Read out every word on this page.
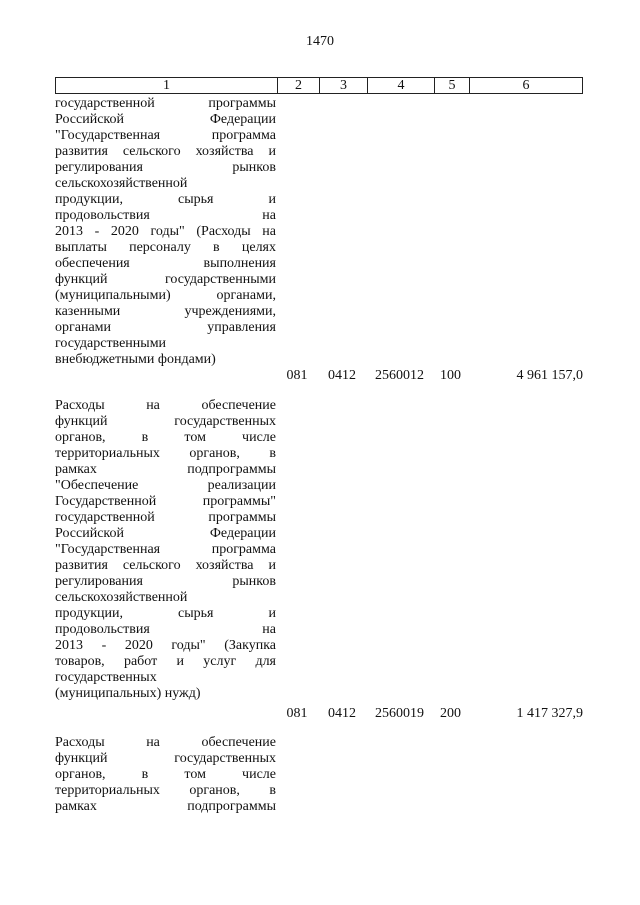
1470
1	2	3	4	5	6
государственной программы
Российской Федерации
"Государственная программа
развития сельского хозяйства и
регулирования рынков
сельскохозяйственной
продукции, сырья и
продовольствия на
2013 - 2020 годы" (Расходы на
выплаты персоналу в целях
обеспечения выполнения
функций государственными
(муниципальными) органами,
казенными учреждениями,
органами управления
государственными
внебюджетными фондами)
081	0412	2560012	100	4 961 157,0
Расходы на обеспечение
функций государственных
органов, в том числе
территориальных органов, в
рамках подпрограммы
"Обеспечение реализации
Государственной программы"
государственной программы
Российской Федерации
"Государственная программа
развития сельского хозяйства и
регулирования рынков
сельскохозяйственной
продукции, сырья и
продовольствия на
2013 - 2020 годы" (Закупка
товаров, работ и услуг для
государственных
(муниципальных) нужд)
081	0412	2560019	200	1 417 327,9
Расходы на обеспечение
функций государственных
органов, в том числе
территориальных органов, в
рамках подпрограммы
